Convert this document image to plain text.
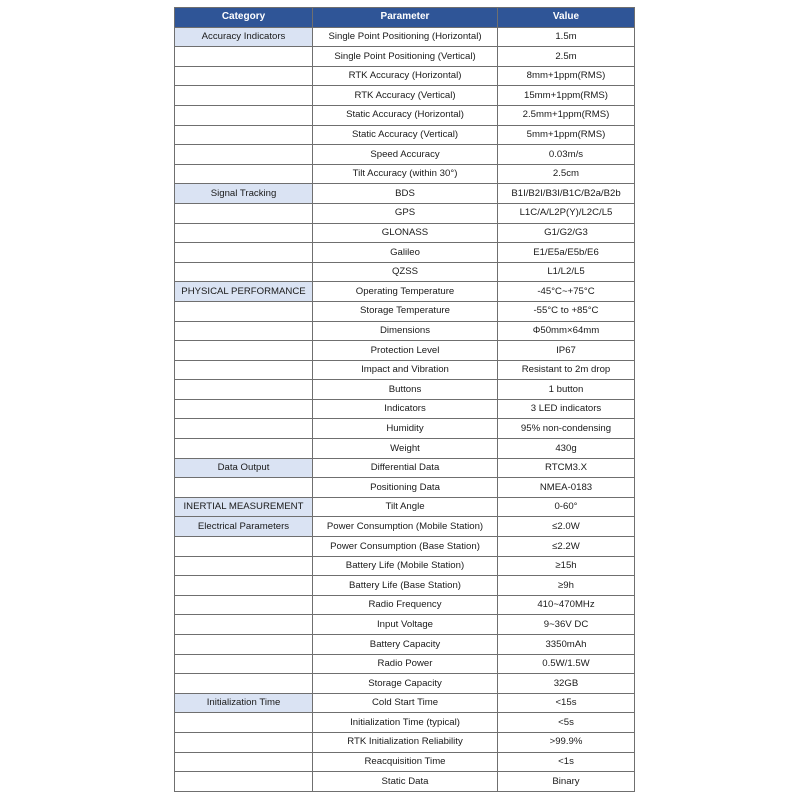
Category	Parameter	Value
Accuracy Indicators	Single Point Positioning (Horizontal)	1.5m
	Single Point Positioning (Vertical)	2.5m
	RTK Accuracy (Horizontal)	8mm+1ppm(RMS)
	RTK Accuracy (Vertical)	15mm+1ppm(RMS)
	Static Accuracy (Horizontal)	2.5mm+1ppm(RMS)
	Static Accuracy (Vertical)	5mm+1ppm(RMS)
	Speed Accuracy	0.03m/s
	Tilt Accuracy (within 30°)	2.5cm
Signal Tracking	BDS	B1I/B2I/B3I/B1C/B2a/B2b
	GPS	L1C/A/L2P(Y)/L2C/L5
	GLONASS	G1/G2/G3
	Galileo	E1/E5a/E5b/E6
	QZSS	L1/L2/L5
PHYSICAL PERFORMANCE	Operating Temperature	-45°C~+75°C
	Storage Temperature	-55°C to +85°C
	Dimensions	Φ50mm×64mm
	Protection Level	IP67
	Impact and Vibration	Resistant to 2m drop
	Buttons	1 button
	Indicators	3 LED indicators
	Humidity	95% non-condensing
	Weight	430g
Data Output	Differential Data	RTCM3.X
	Positioning Data	NMEA-0183
INERTIAL MEASUREMENT	Tilt Angle	0-60°
Electrical Parameters	Power Consumption (Mobile Station)	≤2.0W
	Power Consumption (Base Station)	≤2.2W
	Battery Life (Mobile Station)	≥15h
	Battery Life (Base Station)	≥9h
	Radio Frequency	410~470MHz
	Input Voltage	9~36V DC
	Battery Capacity	3350mAh
	Radio Power	0.5W/1.5W
	Storage Capacity	32GB
Initialization Time	Cold Start Time	<15s
	Initialization Time (typical)	<5s
	RTK Initialization Reliability	>99.9%
	Reacquisition Time	<1s
	Static Data	Binary
